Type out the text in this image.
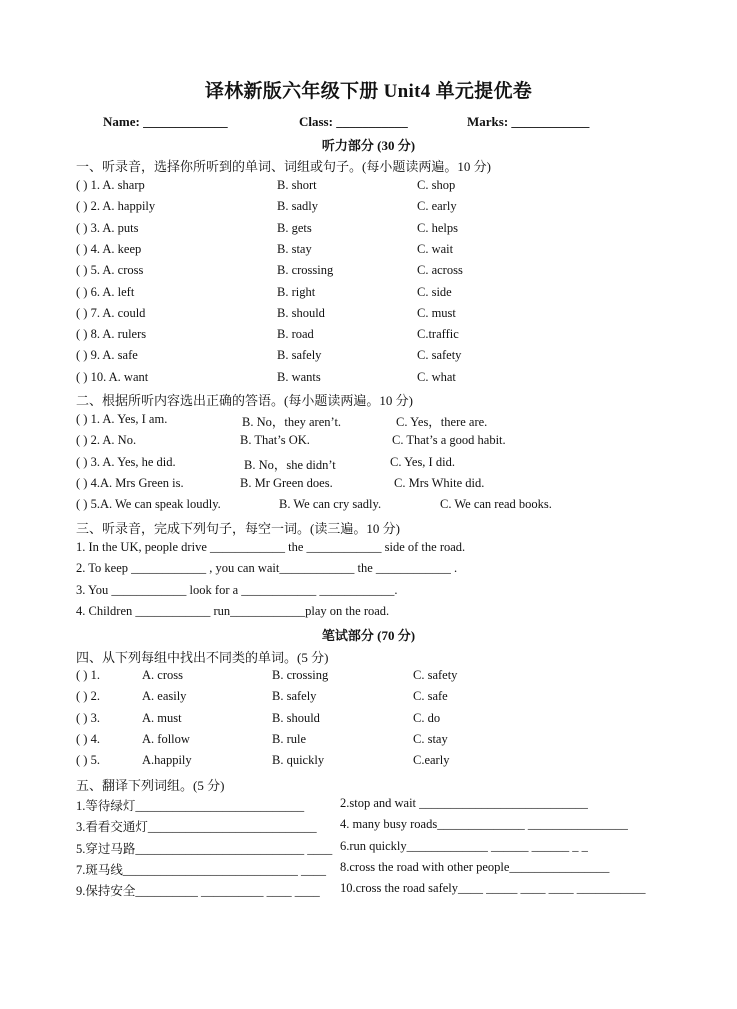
译林新版六年级下册 Unit4 单元提优卷
Name: _____________	Class: ___________	Marks: ____________
听力部分 (30 分)
一、听录音，选择你所听到的单词、词组或句子。(每小题读两遍。10 分)
( ) 1. A. sharp	B. short	C. shop
( ) 2. A. happily	B. sadly	C. early
( ) 3. A. puts	B. gets	C. helps
( ) 4. A. keep	B. stay	C. wait
( ) 5. A. cross	B. crossing	C. across
( ) 6. A. left	B. right	C. side
( ) 7. A. could	B. should	C. must
( ) 8. A. rulers	B. road	C.traffic
( ) 9. A. safe	B. safely	C. safety
( ) 10. A. want	B. wants	C. what
二、根据所听内容选出正确的答语。(每小题读两遍。10 分)
( ) 1. A. Yes, I am.	B. No，they aren’t.	C. Yes，there are.
( ) 2. A. No.	B. That’s OK.	C. That’s a good habit.
( ) 3. A. Yes, he did.	B. No，she didn’t	C. Yes, I did.
( ) 4.A. Mrs Green is.	B. Mr Green does.	C. Mrs White did.
( ) 5.A. We can speak loudly.	B. We can cry sadly.	C. We can read books.
三、听录音，完成下列句子，每空一词。(读三遍。10 分)
1. In the UK, people drive ____________ the ____________ side of the road.
2. To keep ____________ , you can wait____________ the ____________ .
3. You ____________ look for a ____________ ____________.
4. Children ____________ run____________play on the road.
笔试部分 (70 分)
四、从下列每组中找出不同类的单词。(5 分)
( ) 1.	A. cross	B. crossing	C. safety
( ) 2.	A. easily	B. safely	C. safe
( ) 3.	A. must	B. should	C. do
( ) 4.	A. follow	B. rule	C. stay
( ) 5.	A.happily	B. quickly	C.early
五、翻译下列词组。(5 分)
1.等待绿灯___________________________	2.stop and wait ___________________________
3.看看交通灯___________________________ 4. many busy roads______________ ________________
5.穿过马路___________________________ ____ 6.run quickly_____________ ______ ______ _ _
7.斑马线____________________________ ____ 8.cross the road with other people________________
9.保持安全__________ __________ ____ ____ 10.cross the road safely____ _____ ____ ____ ___________
